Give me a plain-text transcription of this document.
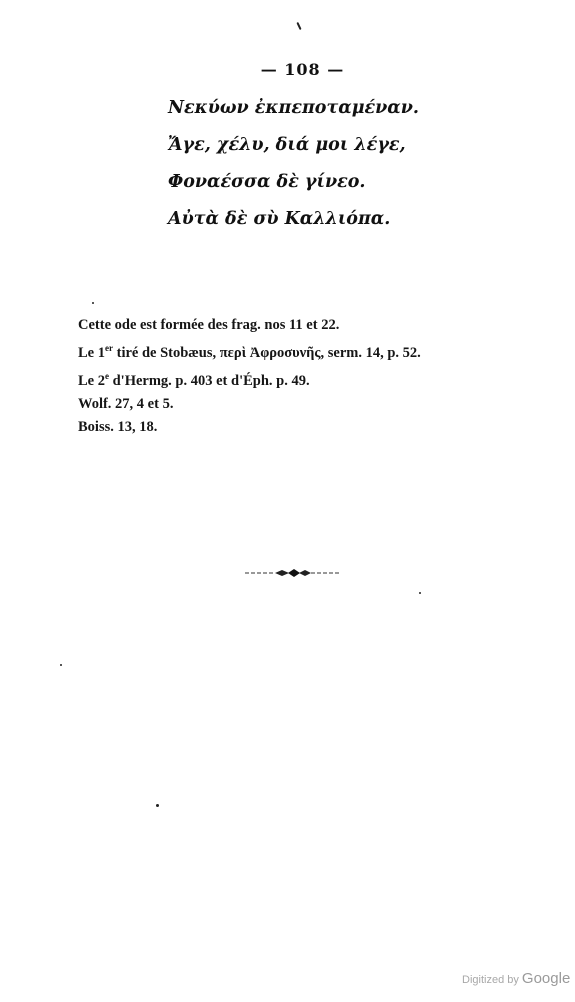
— 108 —
Νεκύων ἐκπεποταμέναν.
Ἄγε, χέλυ, διά μοι λέγε,
Φοναέσσα δὲ γίνεο.
Αὐτὰ δὲ σὺ Καλλιόπα.
Cette ode est formée des frag. nos 11 et 22.
Le 1er tiré de Stobæus, περὶ Ἀφροσυνῆς, serm. 14, p. 52.
Le 2e d'Hermg. p. 403 et d'Éph. p. 49.
Wolf. 27, 4 et 5.
Boiss. 13, 18.
Digitized by Google
